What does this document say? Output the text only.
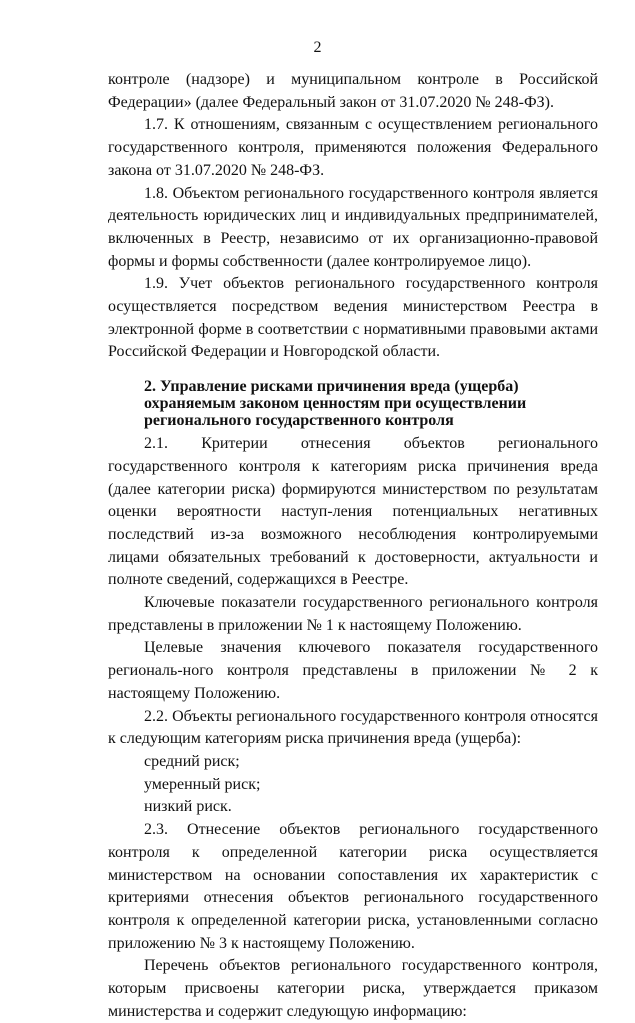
2

контроле (надзоре) и муниципальном контроле в Российской Федерации» (далее Федеральный закон от 31.07.2020 № 248-ФЗ).

1.7. К отношениям, связанным с осуществлением регионального государственного контроля, применяются положения Федерального закона от 31.07.2020 № 248-ФЗ.

1.8. Объектом регионального государственного контроля является деятельность юридических лиц и индивидуальных предпринимателей, включенных в Реестр, независимо от их организационно-правовой формы и формы собственности (далее контролируемое лицо).

1.9. Учет объектов регионального государственного контроля осуществляется посредством ведения министерством Реестра в электронной форме в соответствии с нормативными правовыми актами Российской Федерации и Новгородской области.

2. Управление рисками причинения вреда (ущерба) охраняемым законом ценностям при осуществлении регионального государственного контроля

2.1. Критерии отнесения объектов регионального государственного контроля к категориям риска причинения вреда (далее категории риска) формируются министерством по результатам оценки вероятности наступ-ления потенциальных негативных последствий из-за возможного несоблюдения контролируемыми лицами обязательных требований к достоверности, актуальности и полноте сведений, содержащихся в Реестре.

Ключевые показатели государственного регионального контроля представлены в приложении № 1 к настоящему Положению.

Целевые значения ключевого показателя государственного региональ-ного контроля представлены в приложении № 2 к настоящему Положению.

2.2. Объекты регионального государственного контроля относятся к следующим категориям риска причинения вреда (ущерба):

средний риск;

умеренный риск;

низкий риск.

2.3. Отнесение объектов регионального государственного контроля к определенной категории риска осуществляется министерством на основании сопоставления их характеристик с критериями отнесения объектов регионального государственного контроля к определенной категории риска, установленными согласно приложению № 3 к настоящему Положению.

Перечень объектов регионального государственного контроля, которым присвоены категории риска, утверждается приказом министерства и содержит следующую информацию:
